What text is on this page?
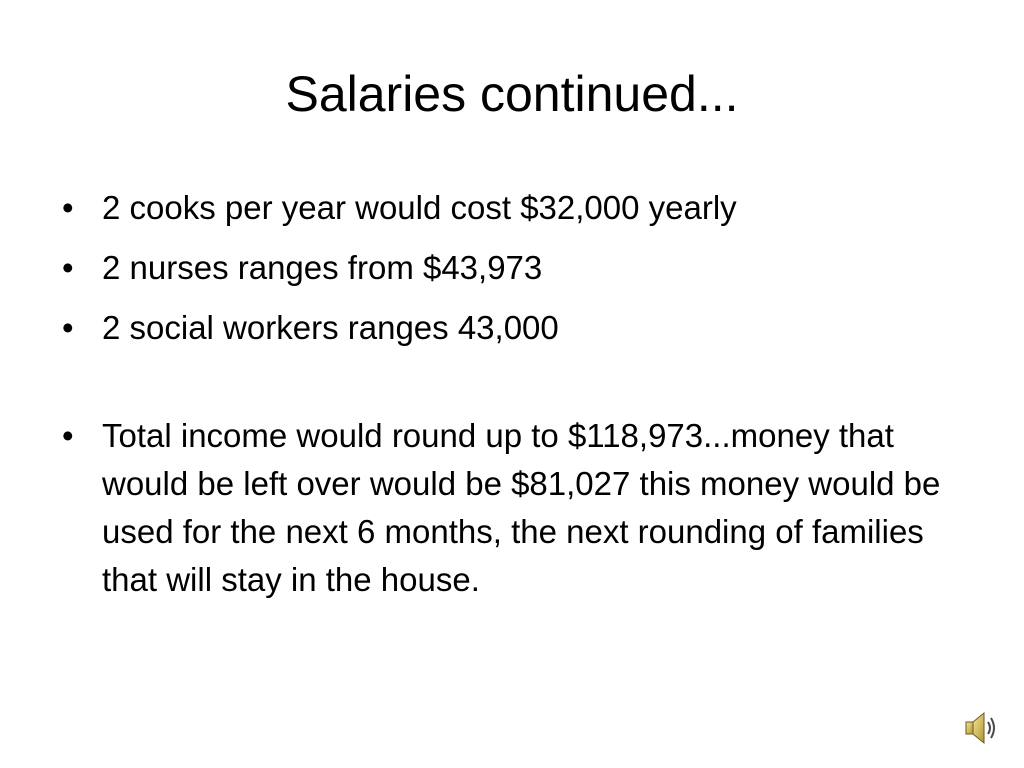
Salaries continued...
• 2 cooks per year would cost $32,000 yearly
• 2 nurses ranges from $43,973
• 2 social workers ranges 43,000
• Total income would round up to $118,973...money that would be left over would be $81,027 this money would be used for the next 6 months, the next rounding of families that will stay in the house.
